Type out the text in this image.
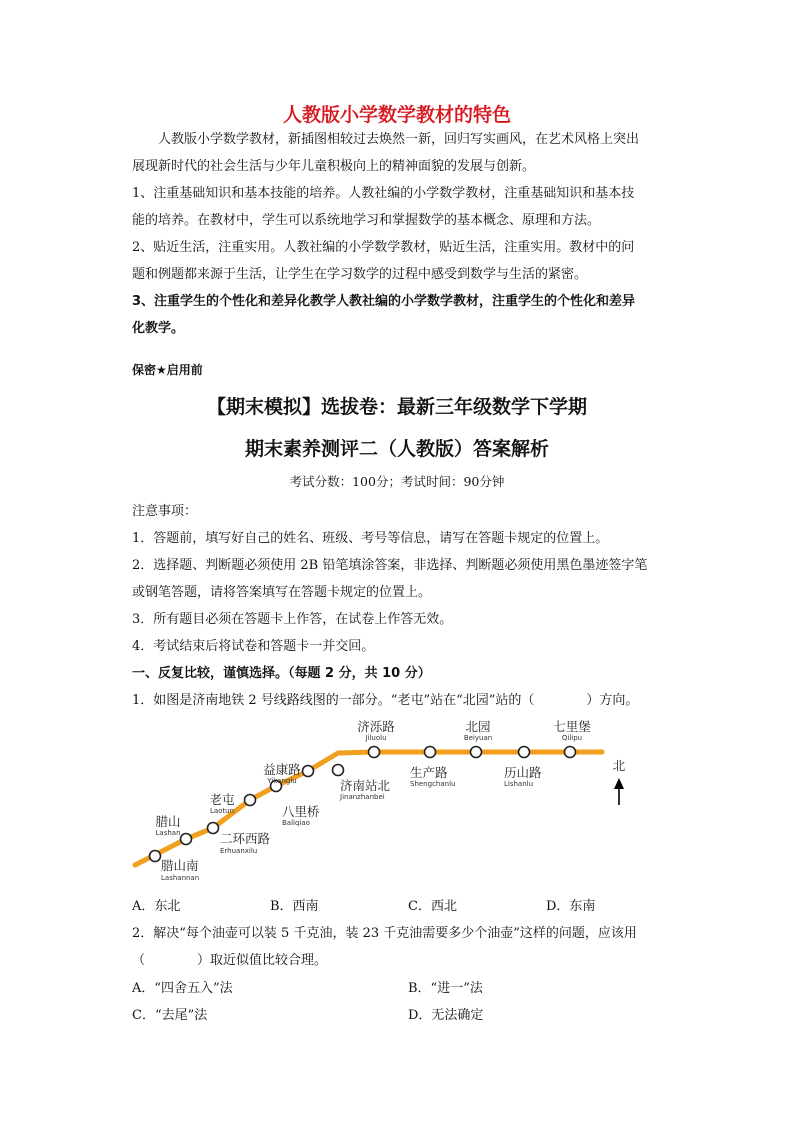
人教版小学数学教材的特色
人教版小学数学教材，新插图相较过去焕然一新，回归写实画风，在艺术风格上突出
展现新时代的社会生活与少年儿童积极向上的精神面貌的发展与创新。
1、注重基础知识和基本技能的培养。人教社编的小学数学教材，注重基础知识和基本技
能的培养。在教材中，学生可以系统地学习和掌握数学的基本概念、原理和方法。
2、贴近生活，注重实用。人教社编的小学数学教材，贴近生活，注重实用。教材中的问
题和例题都来源于生活，让学生在学习数学的过程中感受到数学与生活的紧密。
3、注重学生的个性化和差异化教学人教社编的小学数学教材，注重学生的个性化和差异
化教学。
保密★启用前
【期末模拟】选拔卷：最新三年级数学下学期
期末素养测评二（人教版）答案解析
考试分数：100分；考试时间：90分钟
注意事项：
1．答题前，填写好自己的姓名、班级、考号等信息，请写在答题卡规定的位置上。
2．选择题、判断题必须使用 2B 铅笔填涂答案，非选择、判断题必须使用黑色墨迹签字笔
或钢笔答题，请将答案填写在答题卡规定的位置上。
3．所有题目必须在答题卡上作答，在试卷上作答无效。
4．考试结束后将试卷和答题卡一并交回。
一、反复比较，谨慎选择。（每题 2 分，共 10 分）
1．如图是济南地铁 2 号线路线图的一部分。“老屯”站在“北园”站的（　　　　）方向。
腊山南
Lashannan
腊山
Lashan	二环西路
Erhuanxilu
老屯
Laotun	八里桥
Baliqiao
益康路
Yikanglu	济南站北
Jinanzhanbei
济泺路
Jiluolu
生产路
Shengchanlu
北园
Beiyuan
历山路
Lishanlu
七里堡
Qilipu
北
A．东北	B．西南	C．西北	D．东南
2．解决“每个油壶可以装 5 千克油，装 23 千克油需要多少个油壶”这样的问题，应该用
（　　　　）取近似值比较合理。
A．“四舍五入”法	B．“进一”法
C．“去尾”法	D．无法确定
